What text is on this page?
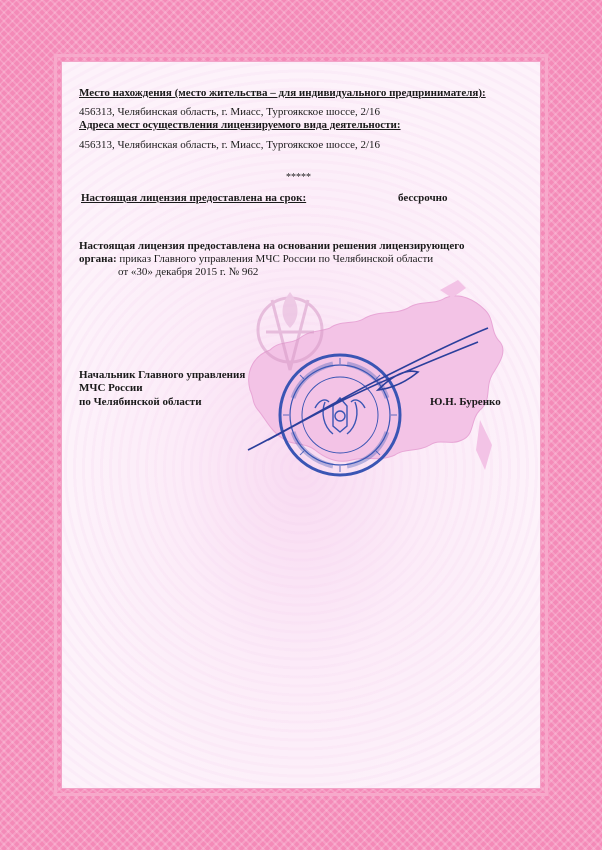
Место нахождения (место жительства – для индивидуального предпринимателя):
456313, Челябинская область, г. Миасс, Тургоякское шоссе, 2/16
Адреса мест осуществления лицензируемого вида деятельности:
456313, Челябинская область, г. Миасс, Тургоякское шоссе, 2/16
*****
Настоящая лицензия предоставлена на срок:	бессрочно
Настоящая лицензия предоставлена на основании решения лицензирующего
органа: приказ Главного управления МЧС России по Челябинской области
от «30» декабря 2015 г. № 962
Начальник Главного управления
МЧС России
по Челябинской области	Ю.Н. Буренко
